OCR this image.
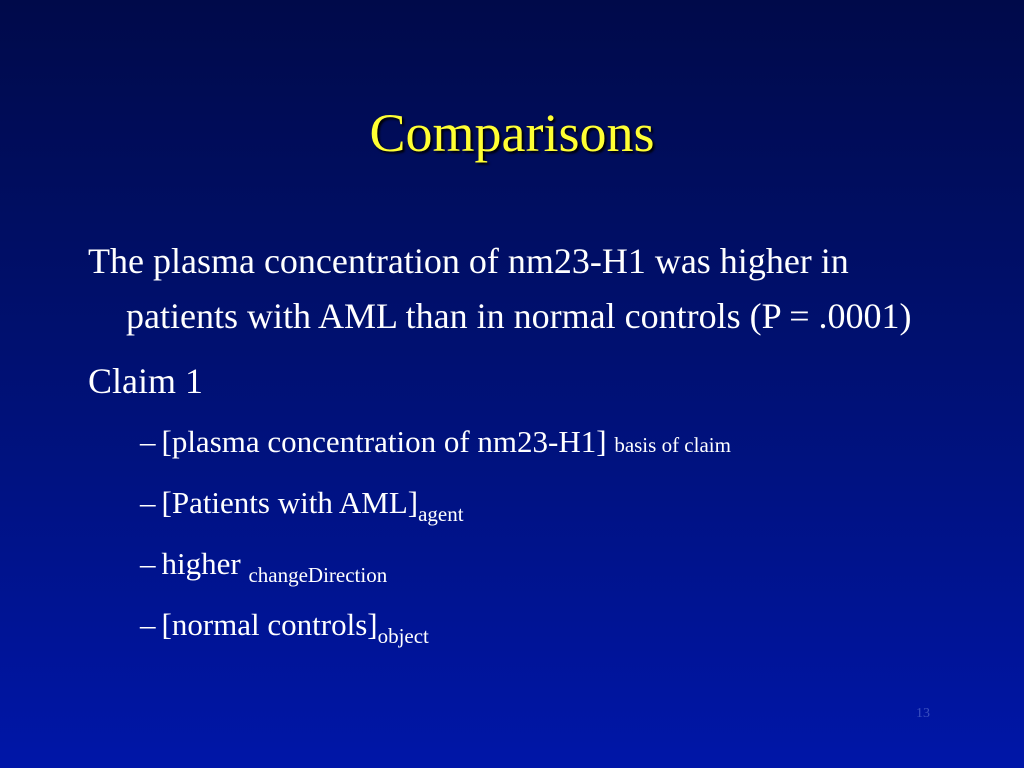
Comparisons

The plasma concentration of nm23-H1 was higher in patients with AML than in normal controls (P = .0001)

Claim 1

– [plasma concentration of nm23-H1] basis of claim
– [Patients with $AML]_{agent}$
– higher $_{changeDirection}$
– [normal $controls]_{object}$
13
